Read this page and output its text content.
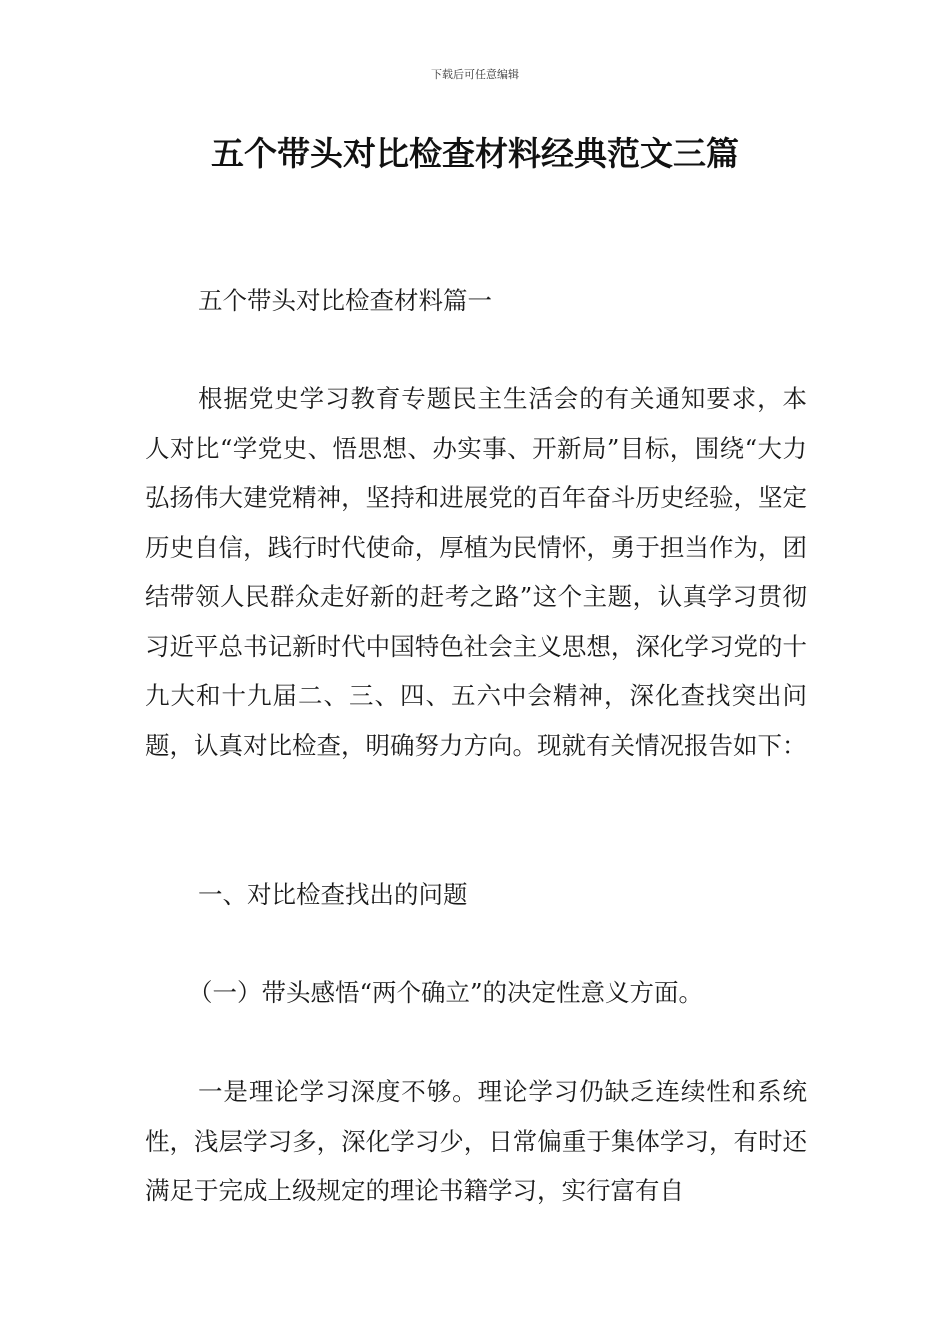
下载后可任意编辑
五个带头对比检查材料经典范文三篇

五个带头对比检查材料篇一

根据党史学习教育专题民主生活会的有关通知要求，本人对比“学党史、悟思想、办实事、开新局”目标，围绕“大力弘扬伟大建党精神，坚持和进展党的百年奋斗历史经验，坚定历史自信，践行时代使命，厚植为民情怀，勇于担当作为，团结带领人民群众走好新的赶考之路”这个主题，认真学习贯彻习近平总书记新时代中国特色社会主义思想，深化学习党的十九大和十九届二、三、四、五六中会精神，深化查找突出问题，认真对比检查，明确努力方向。现就有关情况报告如下：

一、对比检查找出的问题

（一）带头感悟“两个确立”的决定性意义方面。

一是理论学习深度不够。理论学习仍缺乏连续性和系统性，浅层学习多，深化学习少，日常偏重于集体学习，有时还满足于完成上级规定的理论书籍学习，实行富有自
